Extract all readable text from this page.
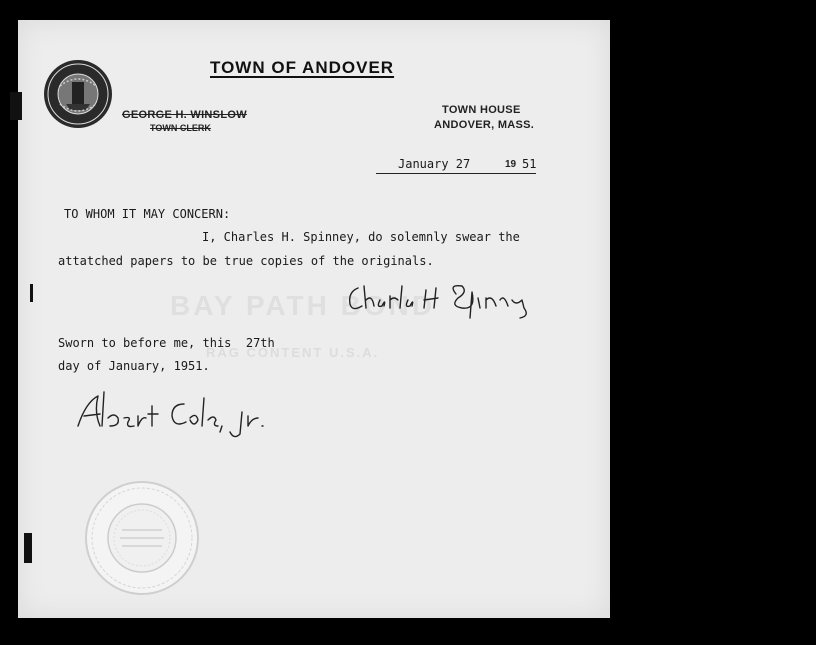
TOWN OF ANDOVER

GEORGE H. WINSLOW

TOWN CLERK

TOWN HOUSE

ANDOVER, MASS.

January 27	19 51

BAY PATH BOND

RAG CONTENT U.S.A.

TO WHOM IT MAY CONCERN:

I, Charles H. Spinney, do solemnly swear the

attatched papers to be true copies of the originals.

Sworn to before me, this  27th

day of January, 1951.
